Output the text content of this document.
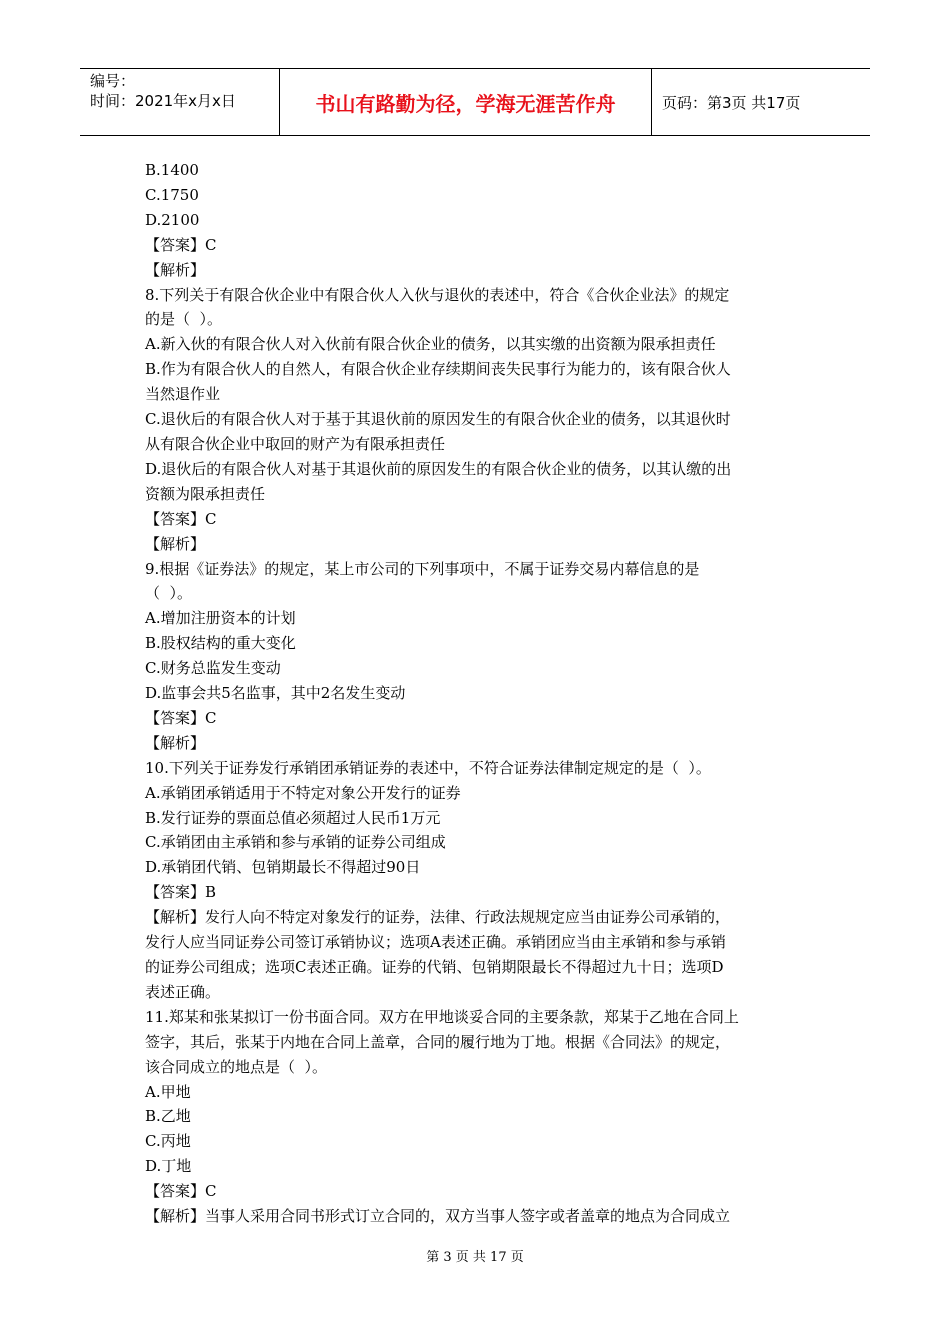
编号：
时间：2021年x月x日	书山有路勤为径，学海无涯苦作舟	页码：第3页 共17页
B.1400
C.1750
D.2100
【答案】C
【解析】
8.下列关于有限合伙企业中有限合伙人入伙与退伙的表述中，符合《合伙企业法》的规定
的是（  ）。
A.新入伙的有限合伙人对入伙前有限合伙企业的债务，以其实缴的出资额为限承担责任
B.作为有限合伙人的自然人，有限合伙企业存续期间丧失民事行为能力的，该有限合伙人
当然退作业
C.退伙后的有限合伙人对于基于其退伙前的原因发生的有限合伙企业的债务，以其退伙时
从有限合伙企业中取回的财产为有限承担责任
D.退伙后的有限合伙人对基于其退伙前的原因发生的有限合伙企业的债务，以其认缴的出
资额为限承担责任
【答案】C
【解析】
9.根据《证券法》的规定，某上市公司的下列事项中，不属于证券交易内幕信息的是
（  ）。
A.增加注册资本的计划
B.股权结构的重大变化
C.财务总监发生变动
D.监事会共5名监事，其中2名发生变动
【答案】C
【解析】
10.下列关于证券发行承销团承销证券的表述中，不符合证券法律制定规定的是（  ）。
A.承销团承销适用于不特定对象公开发行的证券
B.发行证券的票面总值必须超过人民币1万元
C.承销团由主承销和参与承销的证券公司组成
D.承销团代销、包销期最长不得超过90日
【答案】B
【解析】发行人向不特定对象发行的证券，法律、行政法规规定应当由证券公司承销的，
发行人应当同证券公司签订承销协议；选项A表述正确。承销团应当由主承销和参与承销
的证券公司组成；选项C表述正确。证券的代销、包销期限最长不得超过九十日；选项D
表述正确。
11.郑某和张某拟订一份书面合同。双方在甲地谈妥合同的主要条款，郑某于乙地在合同上
签字，其后，张某于内地在合同上盖章，合同的履行地为丁地。根据《合同法》的规定，
该合同成立的地点是（  ）。
A.甲地
B.乙地
C.丙地
D.丁地
【答案】C
【解析】当事人采用合同书形式订立合同的，双方当事人签字或者盖章的地点为合同成立
第 3 页 共 17 页
